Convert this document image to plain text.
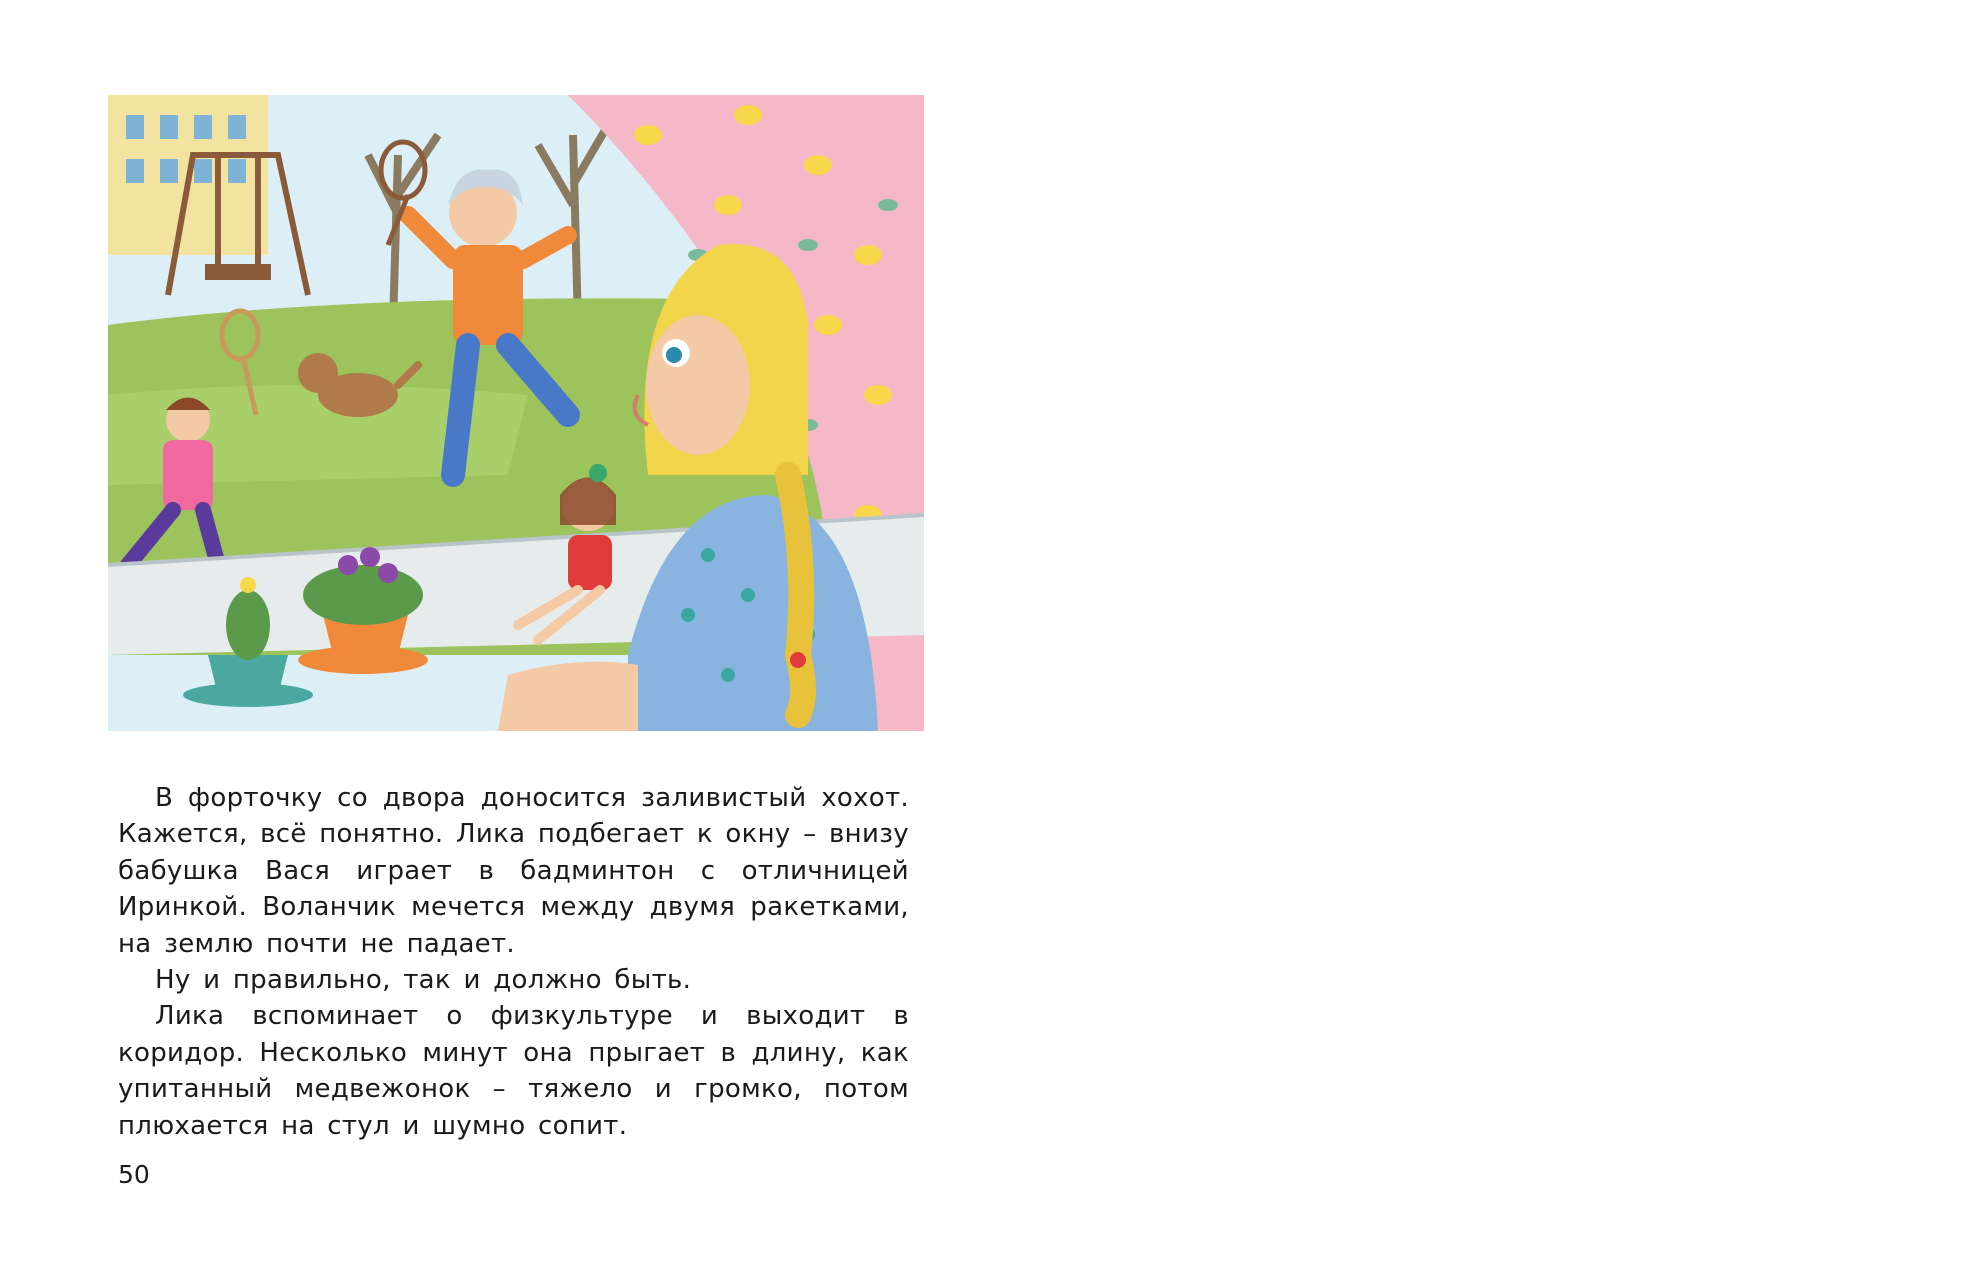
В форточку со двора доносится заливистый хохот. Кажется, всё понятно. Лика подбегает к окну – внизу бабушка Вася играет в бадминтон с отличницей Иринкой. Воланчик мечется между двумя ракетками, на землю почти не падает.

Ну и правильно, так и должно быть.

Лика вспоминает о физкультуре и выходит в коридор. Несколько минут она прыгает в длину, как упитанный медвежонок – тяжело и громко, потом плюхается на стул и шумно сопит.

50
